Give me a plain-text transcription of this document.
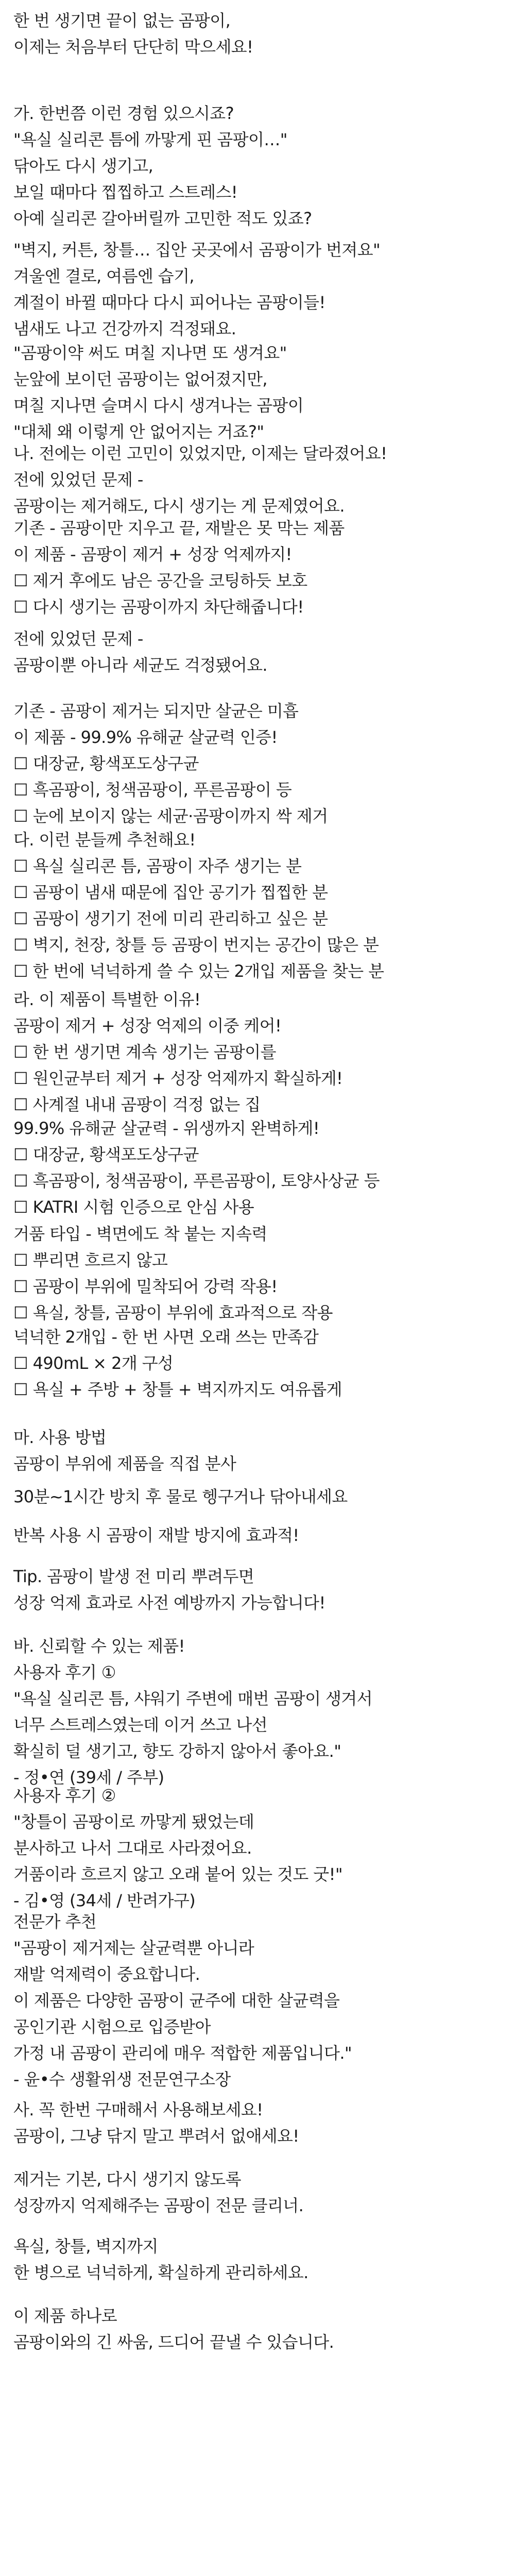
한 번 생기면 끝이 없는 곰팡이,
이제는 처음부터 단단히 막으세요!
가. 한번쯤 이런 경험 있으시죠?
"욕실 실리콘 틈에 까맣게 핀 곰팡이…"
닦아도 다시 생기고,
보일 때마다 찝찝하고 스트레스!
아예 실리콘 갈아버릴까 고민한 적도 있죠?
"벽지, 커튼, 창틀… 집안 곳곳에서 곰팡이가 번져요"
겨울엔 결로, 여름엔 습기,
계절이 바뀔 때마다 다시 피어나는 곰팡이들!
냄새도 나고 건강까지 걱정돼요.
"곰팡이약 써도 며칠 지나면 또 생겨요"
눈앞에 보이던 곰팡이는 없어졌지만,
며칠 지나면 슬며시 다시 생겨나는 곰팡이
"대체 왜 이렇게 안 없어지는 거죠?"
나. 전에는 이런 고민이 있었지만, 이제는 달라졌어요!
전에 있었던 문제 -
곰팡이는 제거해도, 다시 생기는 게 문제였어요.
기존 - 곰팡이만 지우고 끝, 재발은 못 막는 제품
이 제품 - 곰팡이 제거 + 성장 억제까지!
☐ 제거 후에도 남은 공간을 코팅하듯 보호
☐ 다시 생기는 곰팡이까지 차단해줍니다!
전에 있었던 문제 -
곰팡이뿐 아니라 세균도 걱정됐어요.
기존 - 곰팡이 제거는 되지만 살균은 미흡
이 제품 - 99.9% 유해균 살균력 인증!
☐ 대장균, 황색포도상구균
☐ 흑곰팡이, 청색곰팡이, 푸른곰팡이 등
☐ 눈에 보이지 않는 세균·곰팡이까지 싹 제거
다. 이런 분들께 추천해요!
☐ 욕실 실리콘 틈, 곰팡이 자주 생기는 분
☐ 곰팡이 냄새 때문에 집안 공기가 찝찝한 분
☐ 곰팡이 생기기 전에 미리 관리하고 싶은 분
☐ 벽지, 천장, 창틀 등 곰팡이 번지는 공간이 많은 분
☐ 한 번에 넉넉하게 쓸 수 있는 2개입 제품을 찾는 분
라. 이 제품이 특별한 이유!
곰팡이 제거 + 성장 억제의 이중 케어!
☐ 한 번 생기면 계속 생기는 곰팡이를
☐ 원인균부터 제거 + 성장 억제까지 확실하게!
☐ 사계절 내내 곰팡이 걱정 없는 집
99.9% 유해균 살균력 - 위생까지 완벽하게!
☐ 대장균, 황색포도상구균
☐ 흑곰팡이, 청색곰팡이, 푸른곰팡이, 토양사상균 등
☐ KATRI 시험 인증으로 안심 사용
거품 타입 - 벽면에도 착 붙는 지속력
☐ 뿌리면 흐르지 않고
☐ 곰팡이 부위에 밀착되어 강력 작용!
☐ 욕실, 창틀, 곰팡이 부위에 효과적으로 작용
넉넉한 2개입 - 한 번 사면 오래 쓰는 만족감
☐ 490mL × 2개 구성
☐ 욕실 + 주방 + 창틀 + 벽지까지도 여유롭게
마. 사용 방법
곰팡이 부위에 제품을 직접 분사
30분~1시간 방치 후 물로 헹구거나 닦아내세요
반복 사용 시 곰팡이 재발 방지에 효과적!
Tip. 곰팡이 발생 전 미리 뿌려두면
성장 억제 효과로 사전 예방까지 가능합니다!
바. 신뢰할 수 있는 제품!
사용자 후기 ①
"욕실 실리콘 틈, 샤워기 주변에 매번 곰팡이 생겨서
너무 스트레스였는데 이거 쓰고 나선
확실히 덜 생기고, 향도 강하지 않아서 좋아요."
- 정•연 (39세 / 주부)
사용자 후기 ②
"창틀이 곰팡이로 까맣게 됐었는데
분사하고 나서 그대로 사라졌어요.
거품이라 흐르지 않고 오래 붙어 있는 것도 굿!"
- 김•영 (34세 / 반려가구)
전문가 추천
"곰팡이 제거제는 살균력뿐 아니라
재발 억제력이 중요합니다.
이 제품은 다양한 곰팡이 균주에 대한 살균력을
공인기관 시험으로 입증받아
가정 내 곰팡이 관리에 매우 적합한 제품입니다."
- 윤•수 생활위생 전문연구소장
사. 꼭 한번 구매해서 사용해보세요!
곰팡이, 그냥 닦지 말고 뿌려서 없애세요!
제거는 기본, 다시 생기지 않도록
성장까지 억제해주는 곰팡이 전문 클리너.
욕실, 창틀, 벽지까지
한 병으로 넉넉하게, 확실하게 관리하세요.
이 제품 하나로
곰팡이와의 긴 싸움, 드디어 끝낼 수 있습니다.
